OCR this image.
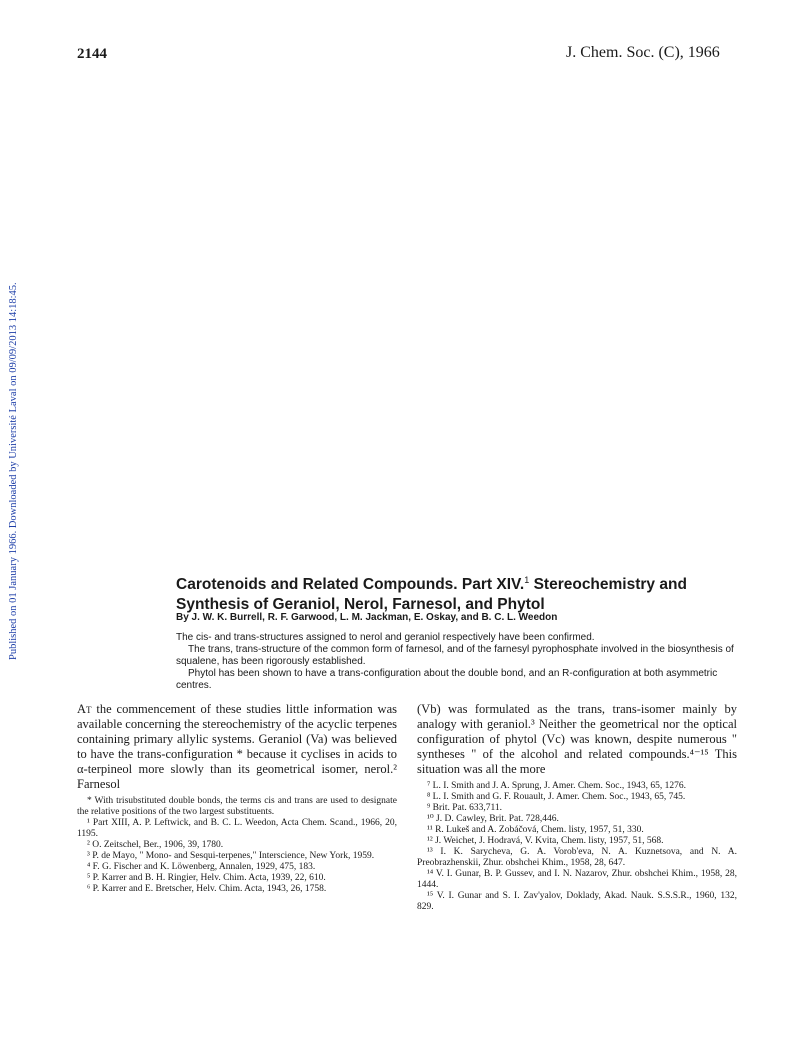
2144	J. Chem. Soc. (C), 1966
Published on 01 January 1966. Downloaded by Université Laval on 09/09/2013 14:18:45.	Carotenoids and Related Compounds. Part XIV.$^1$ Stereochemistry and
Synthesis of Geraniol, Nerol, Farnesol, and Phytol

By J. W. K. Burrell, R. F. Garwood, L. M. Jackman, E. Oskay, and B. C. L. Weedon

The cis- and trans-structures assigned to nerol and geraniol respectively have been confirmed.

The trans, trans-structure of the common form of farnesol, and of the farnesyl pyrophosphate involved in the biosynthesis of squalene, has been rigorously established.

Phytol has been shown to have a trans-configuration about the double bond, and an R-configuration at both asymmetric centres.

At the commencement of these studies little information was available concerning the stereochemistry of the acyclic terpenes containing primary allylic systems. Geraniol (Va) was believed to have the trans-configuration * because it cyclises in acids to α-terpineol more slowly than its geometrical isomer, nerol.² Farnesol

* With trisubstituted double bonds, the terms cis and trans are used to designate the relative positions of the two largest substituents.

¹ Part XIII, A. P. Leftwick, and B. C. L. Weedon, Acta Chem. Scand., 1966, 20, 1195.

² O. Zeitschel, Ber., 1906, 39, 1780.

³ P. de Mayo, " Mono- and Sesqui-terpenes," Interscience, New York, 1959.

⁴ F. G. Fischer and K. Löwenberg, Annalen, 1929, 475, 183.

⁵ P. Karrer and B. H. Ringier, Helv. Chim. Acta, 1939, 22, 610.

⁶ P. Karrer and E. Bretscher, Helv. Chim. Acta, 1943, 26, 1758.

(Vb) was formulated as the trans, trans-isomer mainly by analogy with geraniol.³ Neither the geometrical nor the optical configuration of phytol (Vc) was known, despite numerous " syntheses " of the alcohol and related compounds.⁴⁻¹⁵ This situation was all the more

⁷ L. I. Smith and J. A. Sprung, J. Amer. Chem. Soc., 1943, 65, 1276.

⁸ L. I. Smith and G. F. Rouault, J. Amer. Chem. Soc., 1943, 65, 745.

⁹ Brit. Pat. 633,711.

¹⁰ J. D. Cawley, Brit. Pat. 728,446.

¹¹ R. Lukeš and A. Zobáčová, Chem. listy, 1957, 51, 330.

¹² J. Weichet, J. Hodravá, V. Kvita, Chem. listy, 1957, 51, 568.

¹³ I. K. Sarycheva, G. A. Vorob'eva, N. A. Kuznetsova, and N. A. Preobrazhenskii, Zhur. obshchei Khim., 1958, 28, 647.

¹⁴ V. I. Gunar, B. P. Gussev, and I. N. Nazarov, Zhur. obshchei Khim., 1958, 28, 1444.

¹⁵ V. I. Gunar and S. I. Zav'yalov, Doklady, Akad. Nauk. S.S.S.R., 1960, 132, 829.
